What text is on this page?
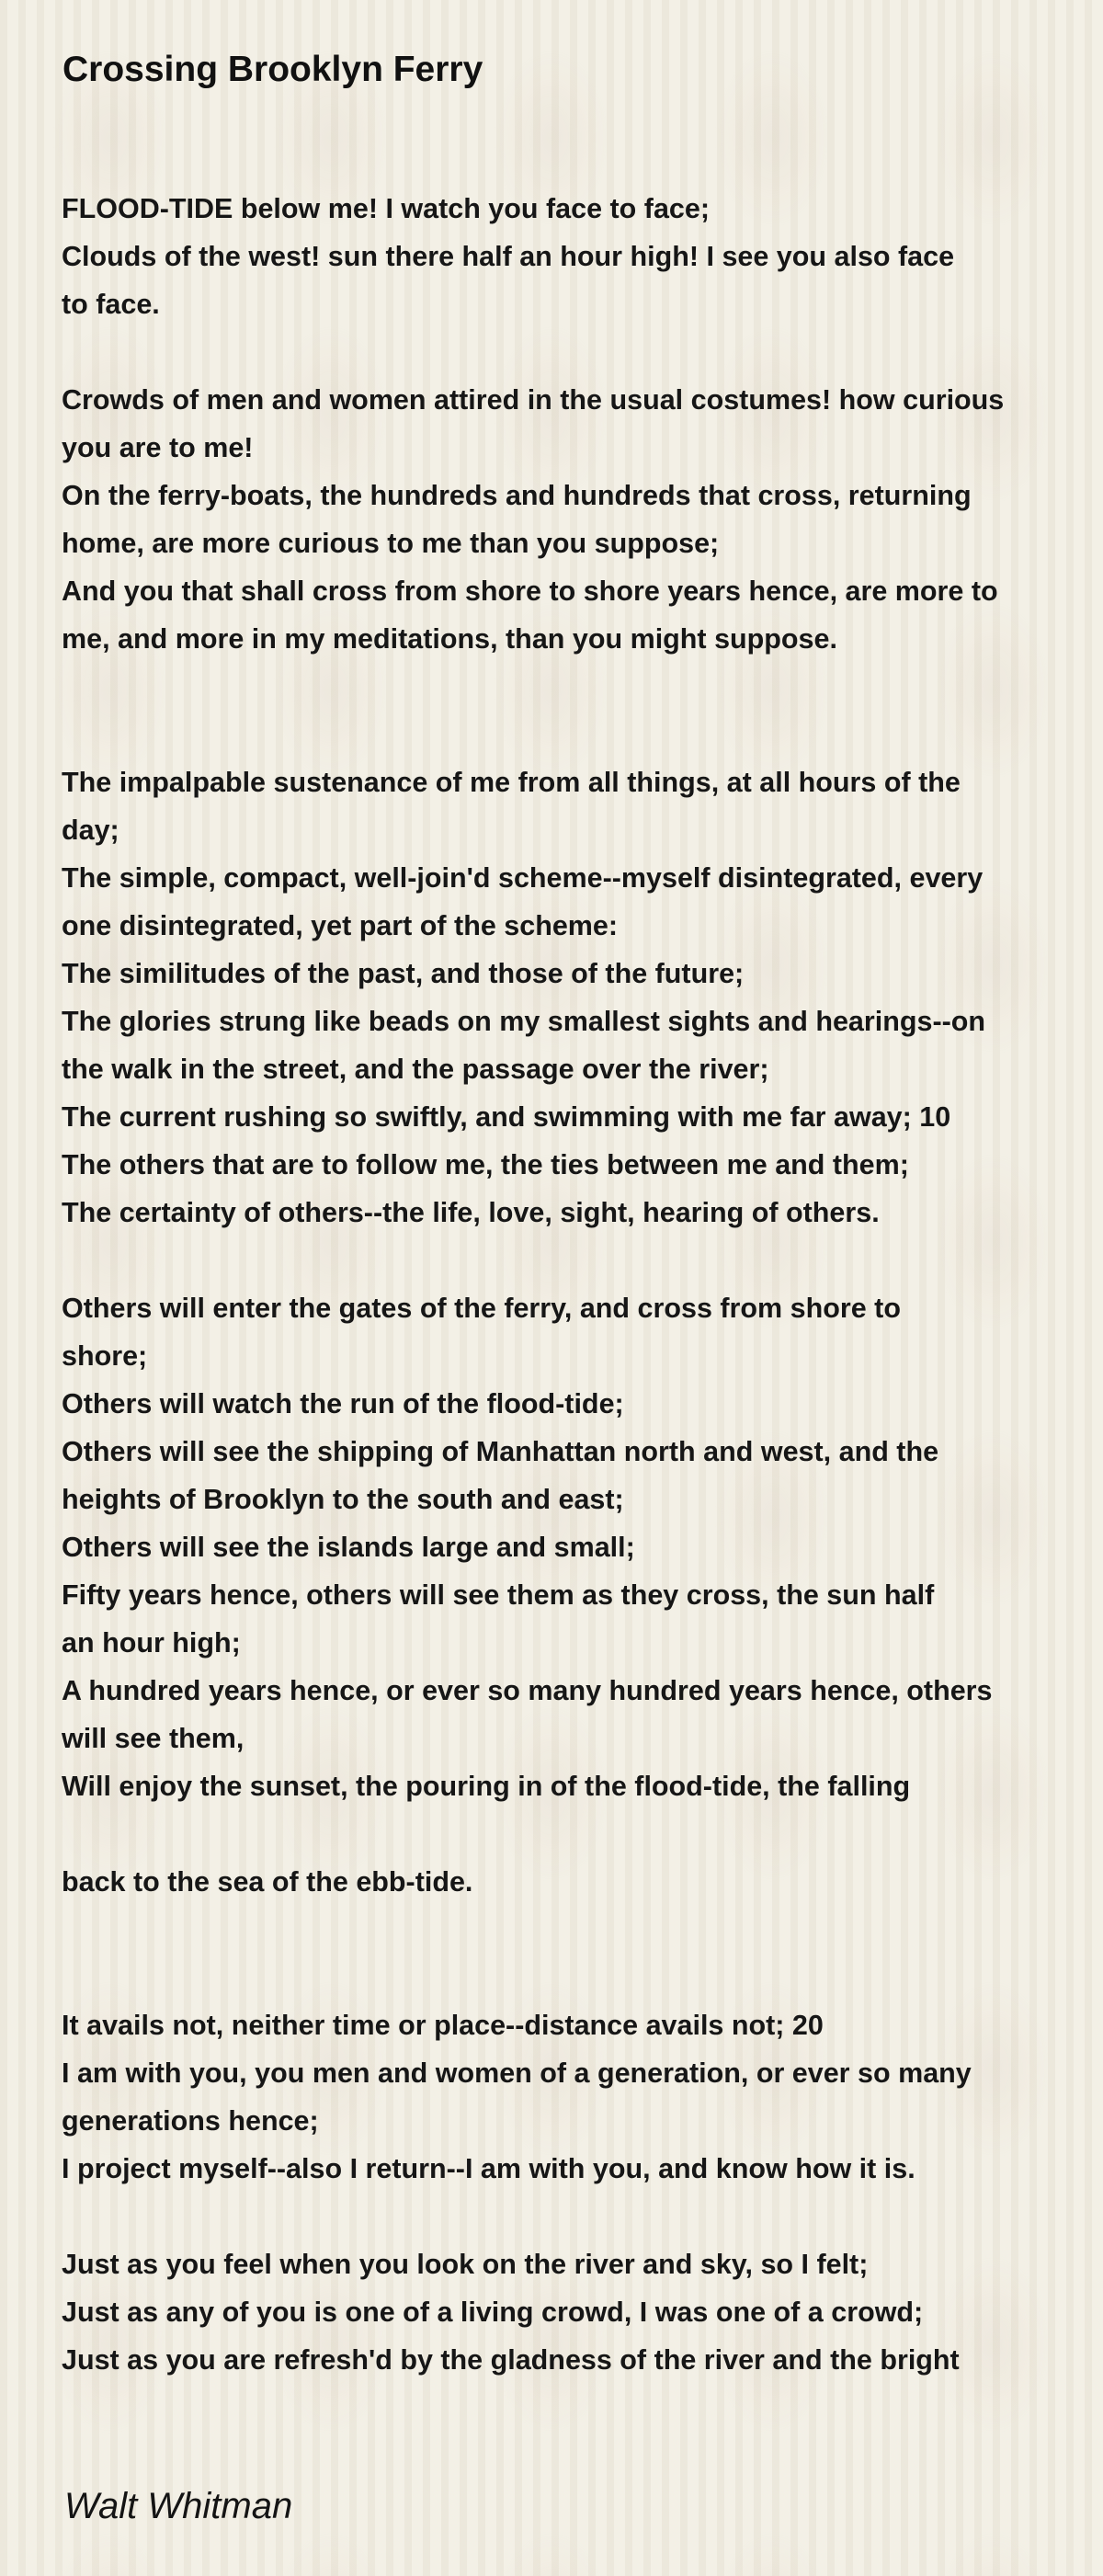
Crossing Brooklyn Ferry
FLOOD-TIDE below me! I watch you face to face;
Clouds of the west! sun there half an hour high! I see you also face
to face.
Crowds of men and women attired in the usual costumes! how curious
you are to me!
On the ferry-boats, the hundreds and hundreds that cross, returning
home, are more curious to me than you suppose;
And you that shall cross from shore to shore years hence, are more to
me, and more in my meditations, than you might suppose.
The impalpable sustenance of me from all things, at all hours of the
day;
The simple, compact, well-join'd scheme--myself disintegrated, every
one disintegrated, yet part of the scheme:
The similitudes of the past, and those of the future;
The glories strung like beads on my smallest sights and hearings--on
the walk in the street, and the passage over the river;
The current rushing so swiftly, and swimming with me far away; 10
The others that are to follow me, the ties between me and them;
The certainty of others--the life, love, sight, hearing of others.
Others will enter the gates of the ferry, and cross from shore to
shore;
Others will watch the run of the flood-tide;
Others will see the shipping of Manhattan north and west, and the
heights of Brooklyn to the south and east;
Others will see the islands large and small;
Fifty years hence, others will see them as they cross, the sun half
an hour high;
A hundred years hence, or ever so many hundred years hence, others
will see them,
Will enjoy the sunset, the pouring in of the flood-tide, the falling
back to the sea of the ebb-tide.
It avails not, neither time or place--distance avails not; 20
I am with you, you men and women of a generation, or ever so many
generations hence;
I project myself--also I return--I am with you, and know how it is.
Just as you feel when you look on the river and sky, so I felt;
Just as any of you is one of a living crowd, I was one of a crowd;
Just as you are refresh'd by the gladness of the river and the bright
Walt Whitman
